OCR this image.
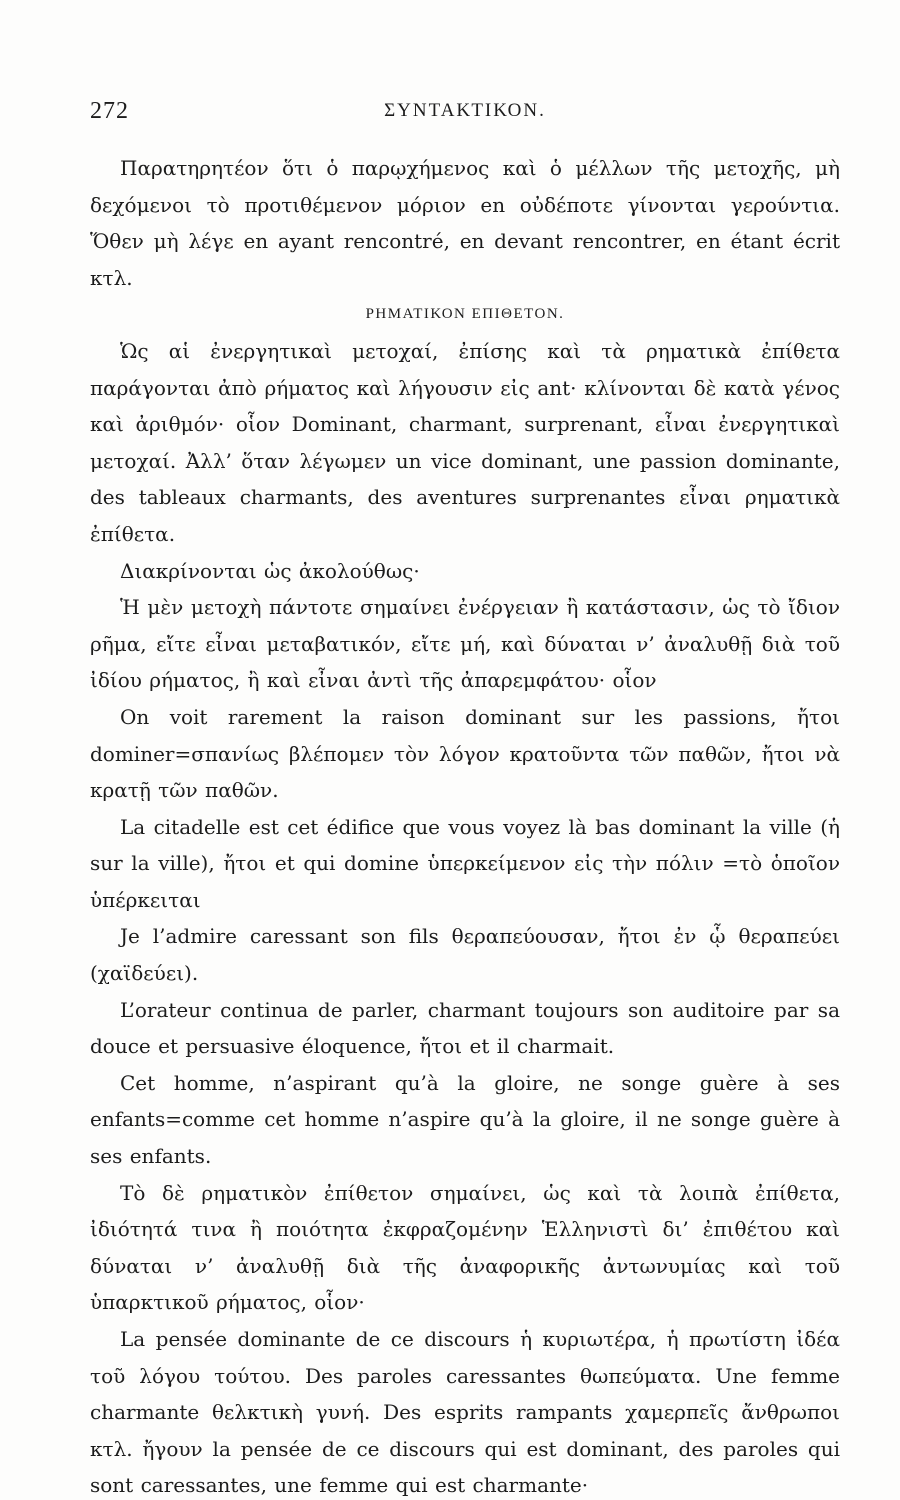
272	ΣΥΝΤΑΚΤΙΚΟΝ.

Παρατηρητέον ὅτι ὁ παρῳχήμενος καὶ ὁ μέλλων τῆς μετοχῆς, μὴ δεχόμενοι τὸ προτιθέμενον μόριον en οὐδέποτε γίνονται γερούντια. Ὅθεν μὴ λέγε en ayant rencontré, en devant rencontrer, en étant écrit κτλ.

ΡΗΜΑΤΙΚΟΝ ΕΠΙΘΕΤΟΝ.

Ὡς αἱ ἐνεργητικαὶ μετοχαί, ἐπίσης καὶ τὰ ρηματικὰ ἐπίθετα παράγονται ἀπὸ ρήματος καὶ λήγουσιν εἰς ant· κλίνονται δὲ κατὰ γένος καὶ ἀριθμόν· οἷον Dominant, charmant, surprenant, εἶναι ἐνεργητικαὶ μετοχαί. Ἀλλ’ ὅταν λέγωμεν un vice dominant, une passion dominante, des tableaux charmants, des aventures surprenantes εἶναι ρηματικὰ ἐπίθετα.

Διακρίνονται ὡς ἀκολούθως·

Ἡ μὲν μετοχὴ πάντοτε σημαίνει ἐνέργειαν ἢ κατάστασιν, ὡς τὸ ἴδιον ρῆμα, εἴτε εἶναι μεταβατικόν, εἴτε μή, καὶ δύναται ν’ ἀναλυθῇ διὰ τοῦ ἰδίου ρήματος, ἢ καὶ εἶναι ἀντὶ τῆς ἀπαρεμφάτου· οἷον

On voit rarement la raison dominant sur les passions, ἤτοι dominer=σπανίως βλέπομεν τὸν λόγον κρατοῦντα τῶν παθῶν, ἤτοι νὰ κρατῇ τῶν παθῶν.

La citadelle est cet édifice que vous voyez là bas dominant la ville (ἡ sur la ville), ἤτοι et qui domine ὑπερκείμενον εἰς τὴν πόλιν =τὸ ὁποῖον ὑπέρκειται

Je l’admire caressant son fils θεραπεύουσαν, ἤτοι ἐν ᾧ θεραπεύει (χαϊδεύει).

L’orateur continua de parler, charmant toujours son auditoire par sa douce et persuasive éloquence, ἤτοι et il charmait.

Cet homme, n’aspirant qu’à la gloire, ne songe guère à ses enfants=comme cet homme n’aspire qu’à la gloire, il ne songe guère à ses enfants.

Τὸ δὲ ρηματικὸν ἐπίθετον σημαίνει, ὡς καὶ τὰ λοιπὰ ἐπίθετα, ἰδιότητά τινα ἢ ποιότητα ἐκφραζομένην Ἑλληνιστὶ δι’ ἐπιθέτου καὶ δύναται ν’ ἀναλυθῇ διὰ τῆς ἀναφορικῆς ἀντωνυμίας καὶ τοῦ ὑπαρκτικοῦ ρήματος, οἷον·

La pensée dominante de ce discours ἡ κυριωτέρα, ἡ πρωτίστη ἰδέα τοῦ λόγου τούτου. Des paroles caressantes θωπεύματα. Une femme charmante θελκτικὴ γυνή. Des esprits rampants χαμερπεῖς ἄνθρωποι κτλ. ἤγουν la pensée de ce discours qui est dominant, des paroles qui sont caressantes, une femme qui est charmante·
